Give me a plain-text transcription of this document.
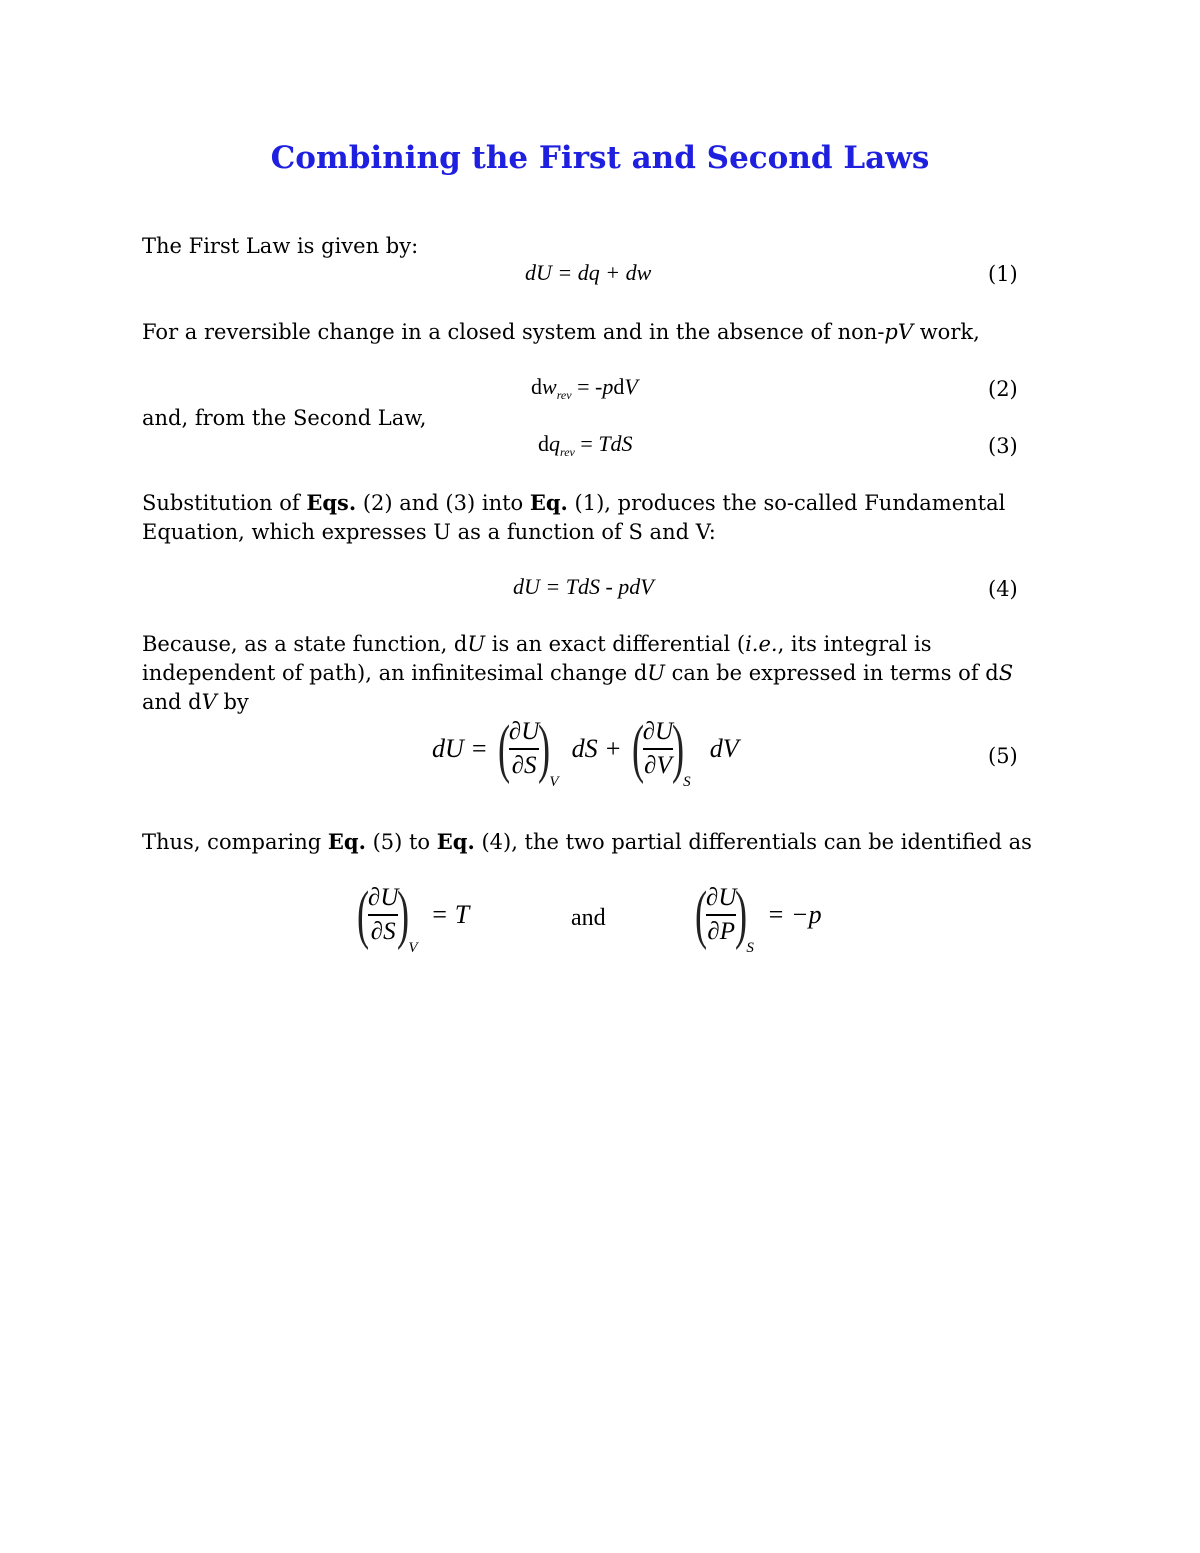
Combining the First and Second Laws
The First Law is given by:
dU = dq + dw	(1)
For a reversible change in a closed system and in the absence of non-pV work,
$dw_{rev} = -pdV$	(2)
and, from the Second Law,
$dq_{rev}$ = TdS	(3)
Substitution of Eqs. (2) and (3) into Eq. (1), produces the so-called Fundamental
Equation, which expresses U as a function of S and V:
dU = TdS - pdV	(4)
Because, as a state function, dU is an exact differential (i.e., its integral is
independent of path), an infinitesimal change dU can be expressed in terms of dS
and dV by
dU = (
$\frac{\partial U}{\partial S}$
)V dS + (
$\frac{\partial U}{\partial V}$
)S dV	(5)
Thus, comparing Eq. (5) to Eq. (4), the two partial differentials can be identified as
(
$\frac{\partial U}{\partial S}$
)V = T	and (
$\frac{\partial U}{\partial P}$
)S = −p
